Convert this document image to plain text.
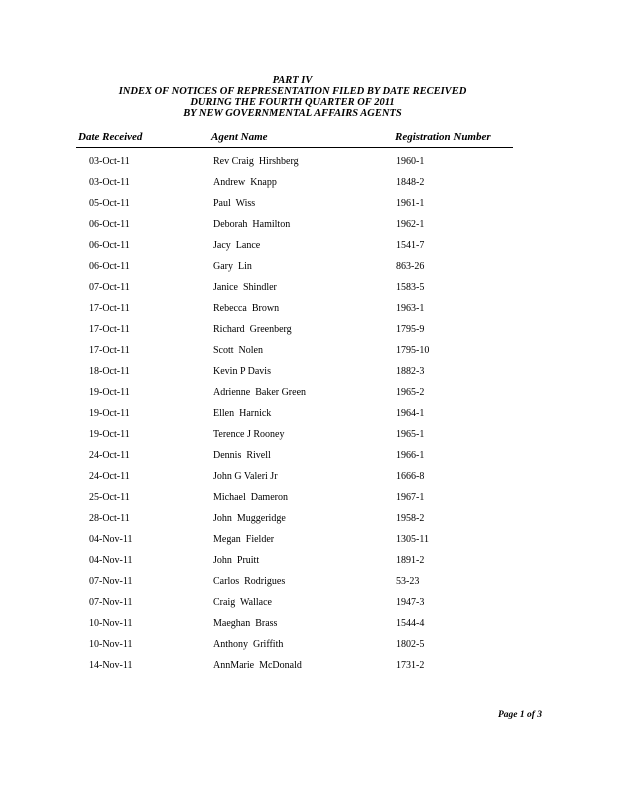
PART IV
INDEX OF NOTICES OF REPRESENTATION FILED BY DATE RECEIVED
DURING THE FOURTH QUARTER OF 2011
BY NEW GOVERNMENTAL AFFAIRS AGENTS
Date Received	Agent Name	Registration Number
03-Oct-11	Rev Craig  Hirshberg	1960-1
03-Oct-11	Andrew  Knapp	1848-2
05-Oct-11	Paul  Wiss	1961-1
06-Oct-11	Deborah  Hamilton	1962-1
06-Oct-11	Jacy  Lance	1541-7
06-Oct-11	Gary  Lin	863-26
07-Oct-11	Janice  Shindler	1583-5
17-Oct-11	Rebecca  Brown	1963-1
17-Oct-11	Richard  Greenberg	1795-9
17-Oct-11	Scott  Nolen	1795-10
18-Oct-11	Kevin P Davis	1882-3
19-Oct-11	Adrienne  Baker Green	1965-2
19-Oct-11	Ellen  Harnick	1964-1
19-Oct-11	Terence J Rooney	1965-1
24-Oct-11	Dennis  Rivell	1966-1
24-Oct-11	John G Valeri Jr	1666-8
25-Oct-11	Michael  Dameron	1967-1
28-Oct-11	John  Muggeridge	1958-2
04-Nov-11	Megan  Fielder	1305-11
04-Nov-11	John  Pruitt	1891-2
07-Nov-11	Carlos  Rodrigues	53-23
07-Nov-11	Craig  Wallace	1947-3
10-Nov-11	Maeghan  Brass	1544-4
10-Nov-11	Anthony  Griffith	1802-5
14-Nov-11	AnnMarie  McDonald	1731-2
Page 1 of 3
